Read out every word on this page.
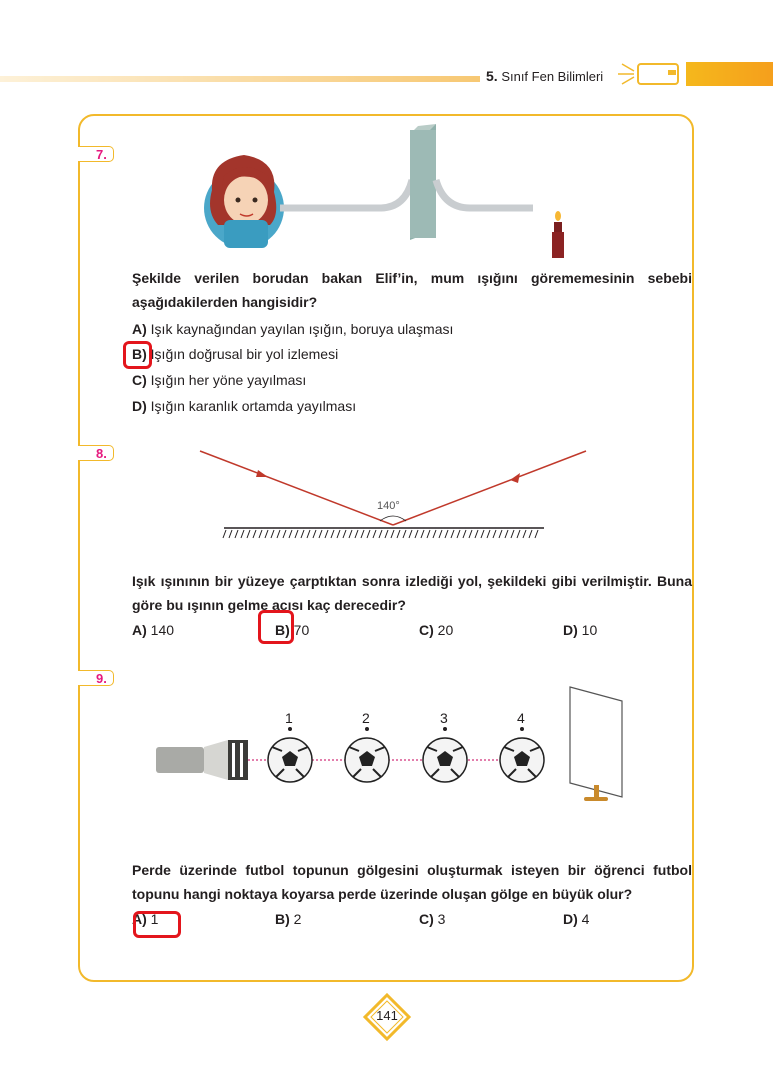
5. Sınıf Fen Bilimleri
7.
Şekilde verilen borudan bakan Elif’in, mum ışığını görememesinin sebebi aşağıdakilerden hangisidir?
A) Işık kaynağından yayılan ışığın, boruya ulaşması
B) Işığın doğrusal bir yol izlemesi
C) Işığın her yöne yayılması
D) Işığın karanlık ortamda yayılması
8.
140°
Işık ışınının bir yüzeye çarptıktan sonra izlediği yol, şekildeki gibi verilmiştir. Buna göre bu ışının gelme açısı kaç derecedir?
A) 140	B) 70	C) 20	D) 10
9.
1	2	3	4
Perde üzerinde futbol topunun gölgesini oluşturmak isteyen bir öğrenci futbol topunu hangi noktaya koyarsa perde üzerinde oluşan gölge en büyük olur?
A) 1	B) 2	C) 3	D) 4
141
